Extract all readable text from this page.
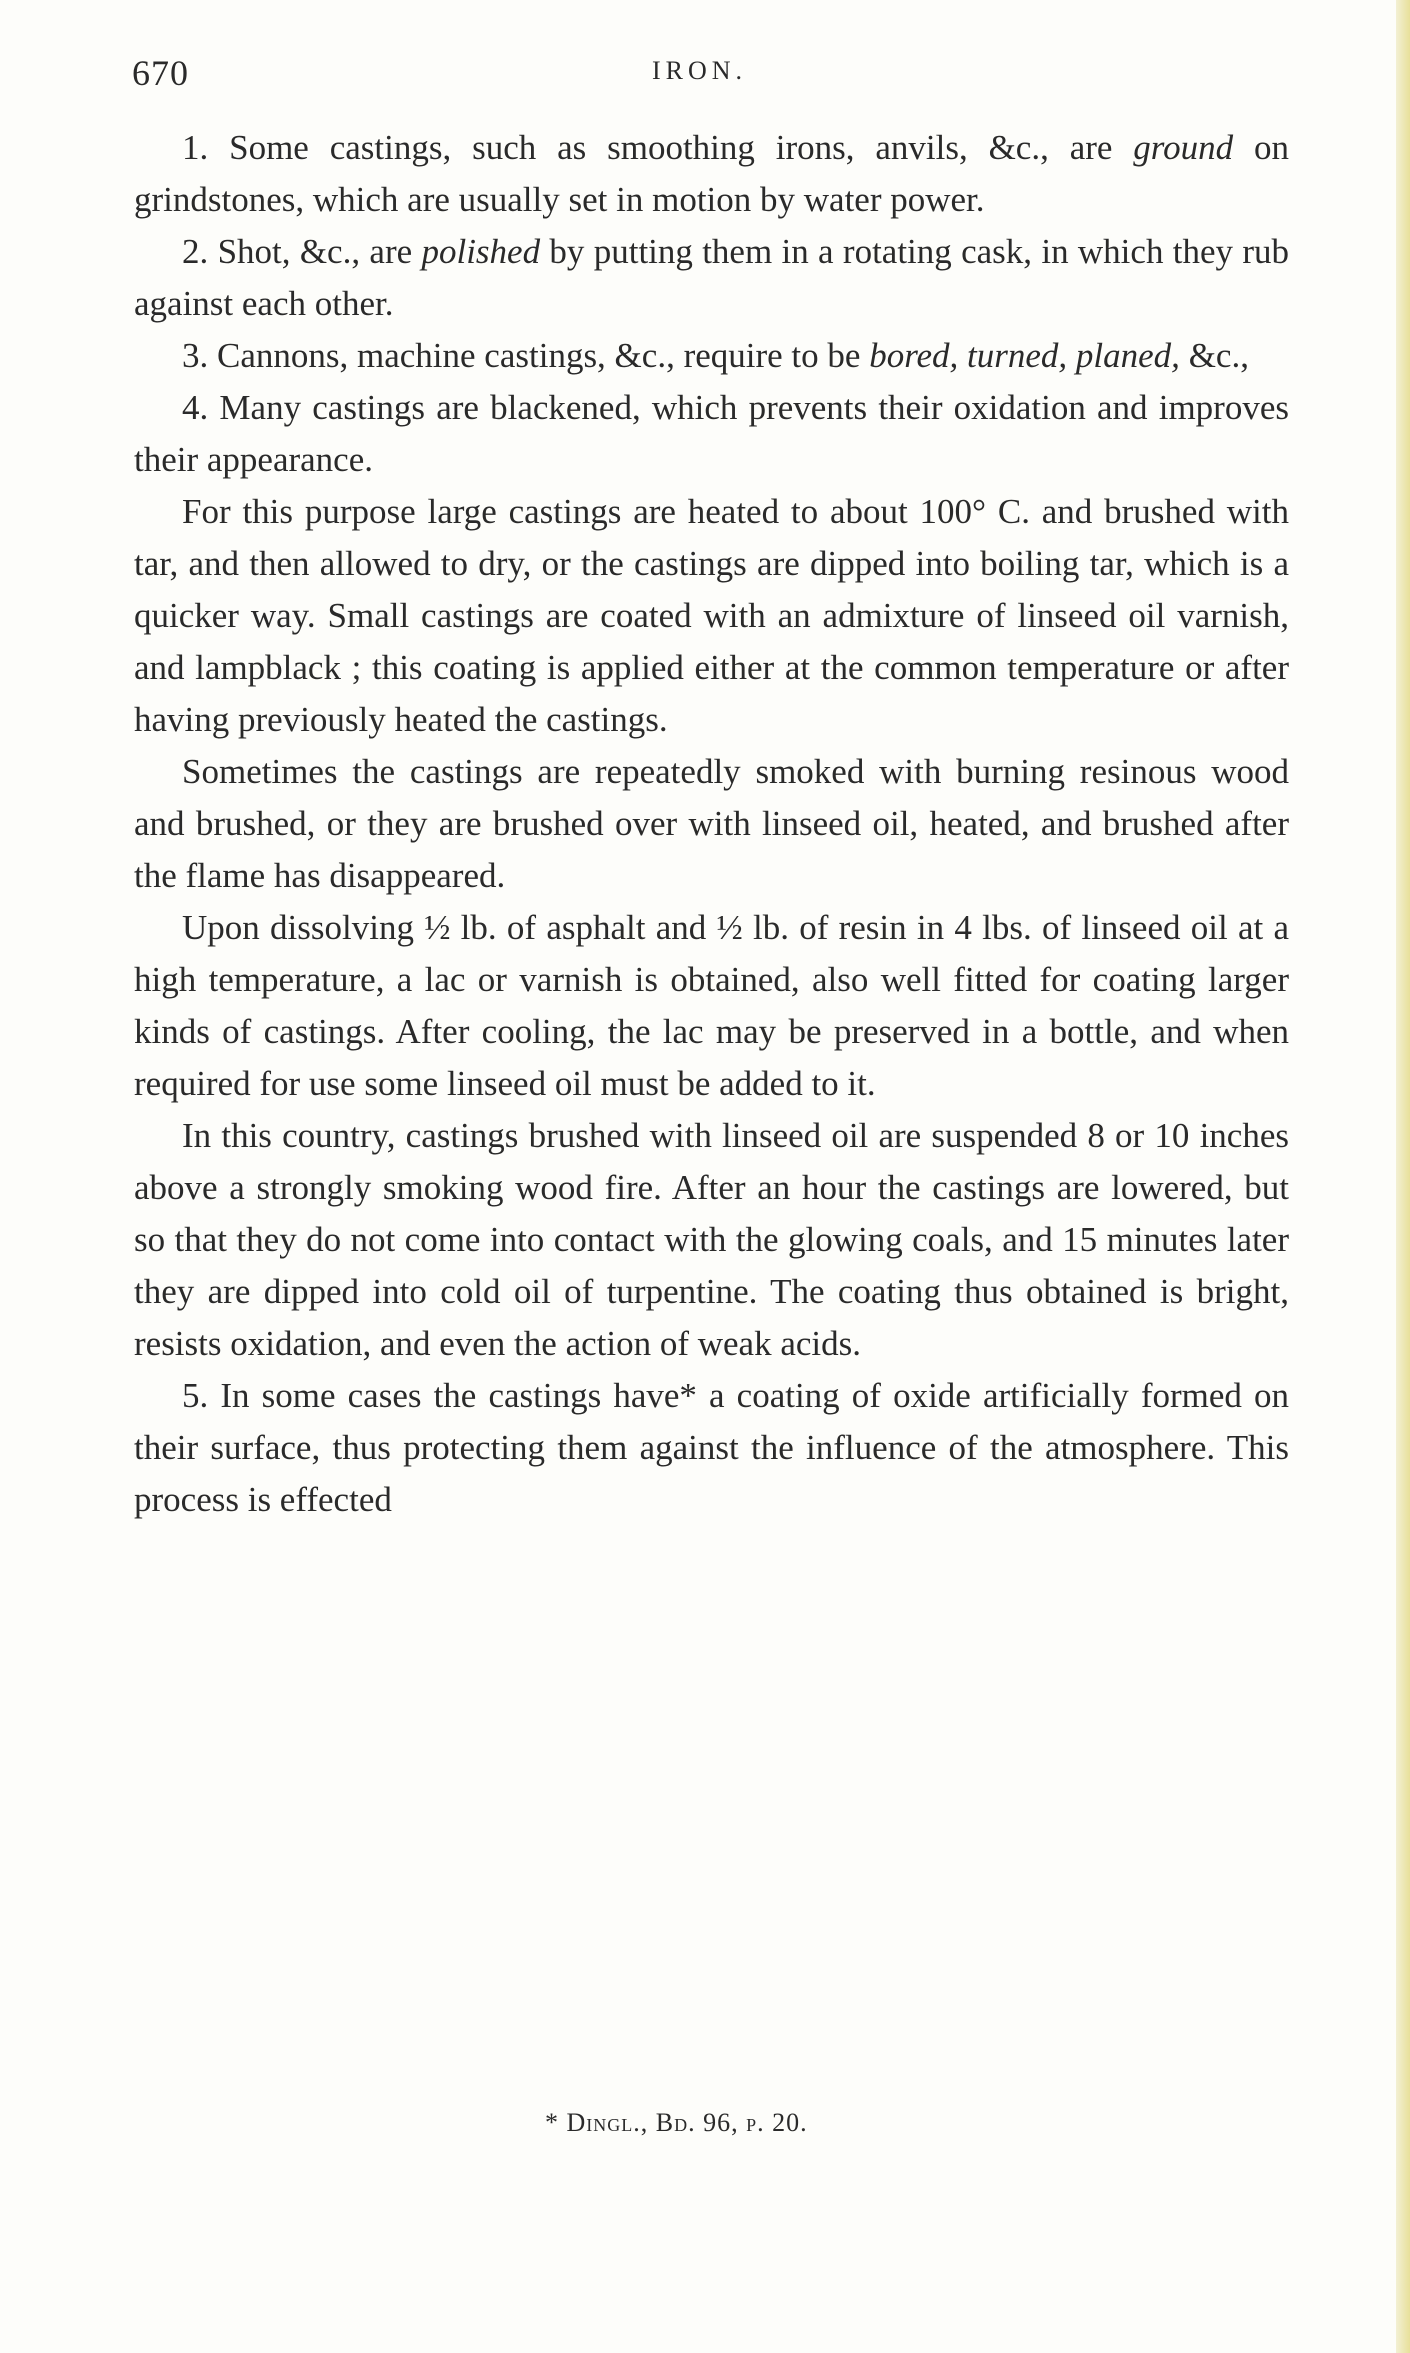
670	IRON.

1. Some castings, such as smoothing irons, anvils, &c., are ground on grindstones, which are usually set in motion by water power.

2. Shot, &c., are polished by putting them in a rotating cask, in which they rub against each other.

3. Cannons, machine castings, &c., require to be bored, turned, planed, &c.,

4. Many castings are blackened, which prevents their oxidation and improves their appearance.

For this purpose large castings are heated to about 100° C. and brushed with tar, and then allowed to dry, or the castings are dipped into boiling tar, which is a quicker way. Small castings are coated with an admixture of linseed oil varnish, and lampblack ; this coating is applied either at the common temperature or after having previously heated the castings.

Sometimes the castings are repeatedly smoked with burning resinous wood and brushed, or they are brushed over with linseed oil, heated, and brushed after the flame has disappeared.

Upon dissolving ½ lb. of asphalt and ½ lb. of resin in 4 lbs. of linseed oil at a high temperature, a lac or varnish is obtained, also well fitted for coating larger kinds of castings. After cooling, the lac may be preserved in a bottle, and when required for use some linseed oil must be added to it.

In this country, castings brushed with linseed oil are suspended 8 or 10 inches above a strongly smoking wood fire. After an hour the castings are lowered, but so that they do not come into contact with the glowing coals, and 15 minutes later they are dipped into cold oil of turpentine. The coating thus obtained is bright, resists oxidation, and even the action of weak acids.

5. In some cases the castings have* a coating of oxide artificially formed on their surface, thus protecting them against the influence of the atmosphere. This process is effected

* Dingl., Bd. 96, p. 20.
